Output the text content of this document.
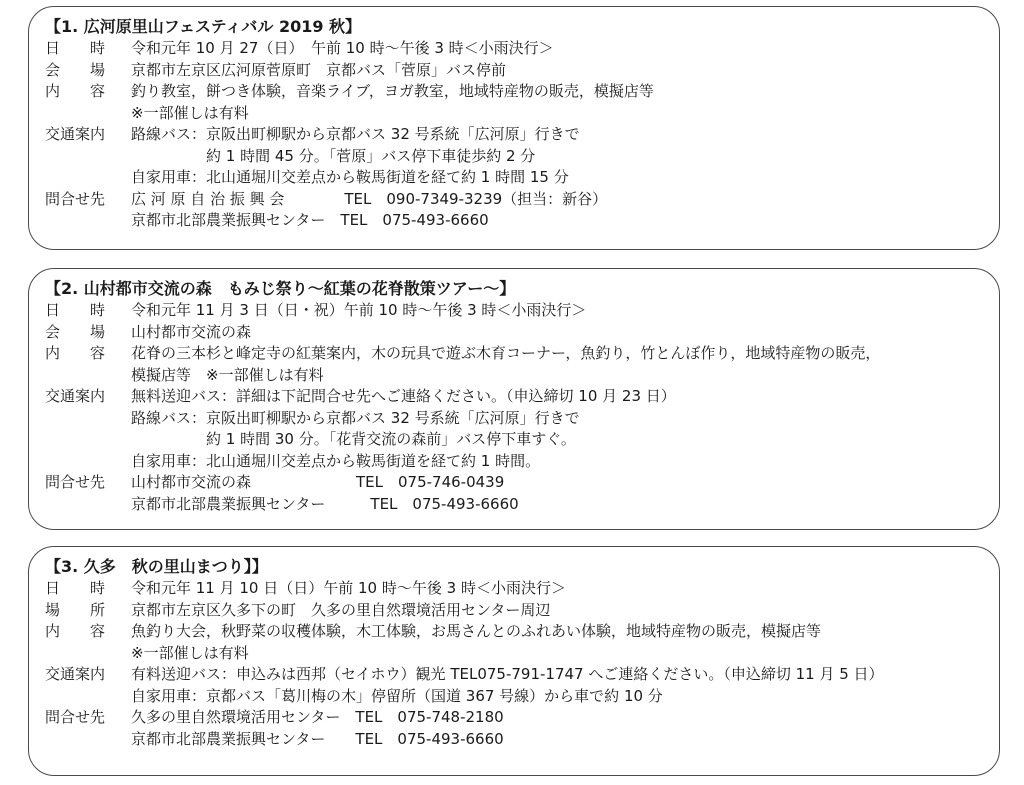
【1. 広河原里山フェスティバル 2019 秋】
日　　時	令和元年 10 月 27（日）　午前 10 時〜午後 3 時＜小雨決行＞
会　　場	京都市左京区広河原菅原町　京都バス「菅原」バス停前
内　　容	釣り教室，餅つき体験，音楽ライブ，ヨガ教室，地域特産物の販売，模擬店等
※一部催しは有料
交通案内	路線バス：京阪出町柳駅から京都バス 32 号系統「広河原」行きで
約 1 時間 45 分。「菅原」バス停下車徒歩約 2 分
自家用車：北山通堀川交差点から鞍馬街道を経て約 1 時間 15 分
問合せ先	広 河 原 自 治 振 興 会　　　　TEL　090-7349-3239（担当：新谷）
京都市北部農業振興センター　TEL　075-493-6660
【2. 山村都市交流の森　もみじ祭り〜紅葉の花脊散策ツアー〜】
日　　時	令和元年 11 月 3 日（日・祝）午前 10 時〜午後 3 時＜小雨決行＞
会　　場	山村都市交流の森
内　　容	花脊の三本杉と峰定寺の紅葉案内，木の玩具で遊ぶ木育コーナー，魚釣り，竹とんぼ作り，地域特産物の販売，
模擬店等　※一部催しは有料
交通案内	無料送迎バス：詳細は下記問合せ先へご連絡ください。（申込締切 10 月 23 日）
路線バス：京阪出町柳駅から京都バス 32 号系統「広河原」行きで
約 1 時間 30 分。「花背交流の森前」バス停下車すぐ。
自家用車：北山通堀川交差点から鞍馬街道を経て約 1 時間。
問合せ先	山村都市交流の森　　　　　　　TEL　075-746-0439
京都市北部農業振興センター　　　TEL　075-493-6660
【3. 久多　秋の里山まつり】】
日　　時	令和元年 11 月 10 日（日）午前 10 時〜午後 3 時＜小雨決行＞
場　　所	京都市左京区久多下の町　久多の里自然環境活用センター周辺
内　　容	魚釣り大会，秋野菜の収穫体験，木工体験，お馬さんとのふれあい体験，地域特産物の販売，模擬店等
※一部催しは有料
交通案内	有料送迎バス：申込みは西邦（セイホウ）観光 TEL075-791-1747 へご連絡ください。（申込締切 11 月 5 日）
自家用車：京都バス「葛川梅の木」停留所（国道 367 号線）から車で約 10 分
問合せ先	久多の里自然環境活用センター　TEL　075-748-2180
京都市北部農業振興センター　　TEL　075-493-6660
